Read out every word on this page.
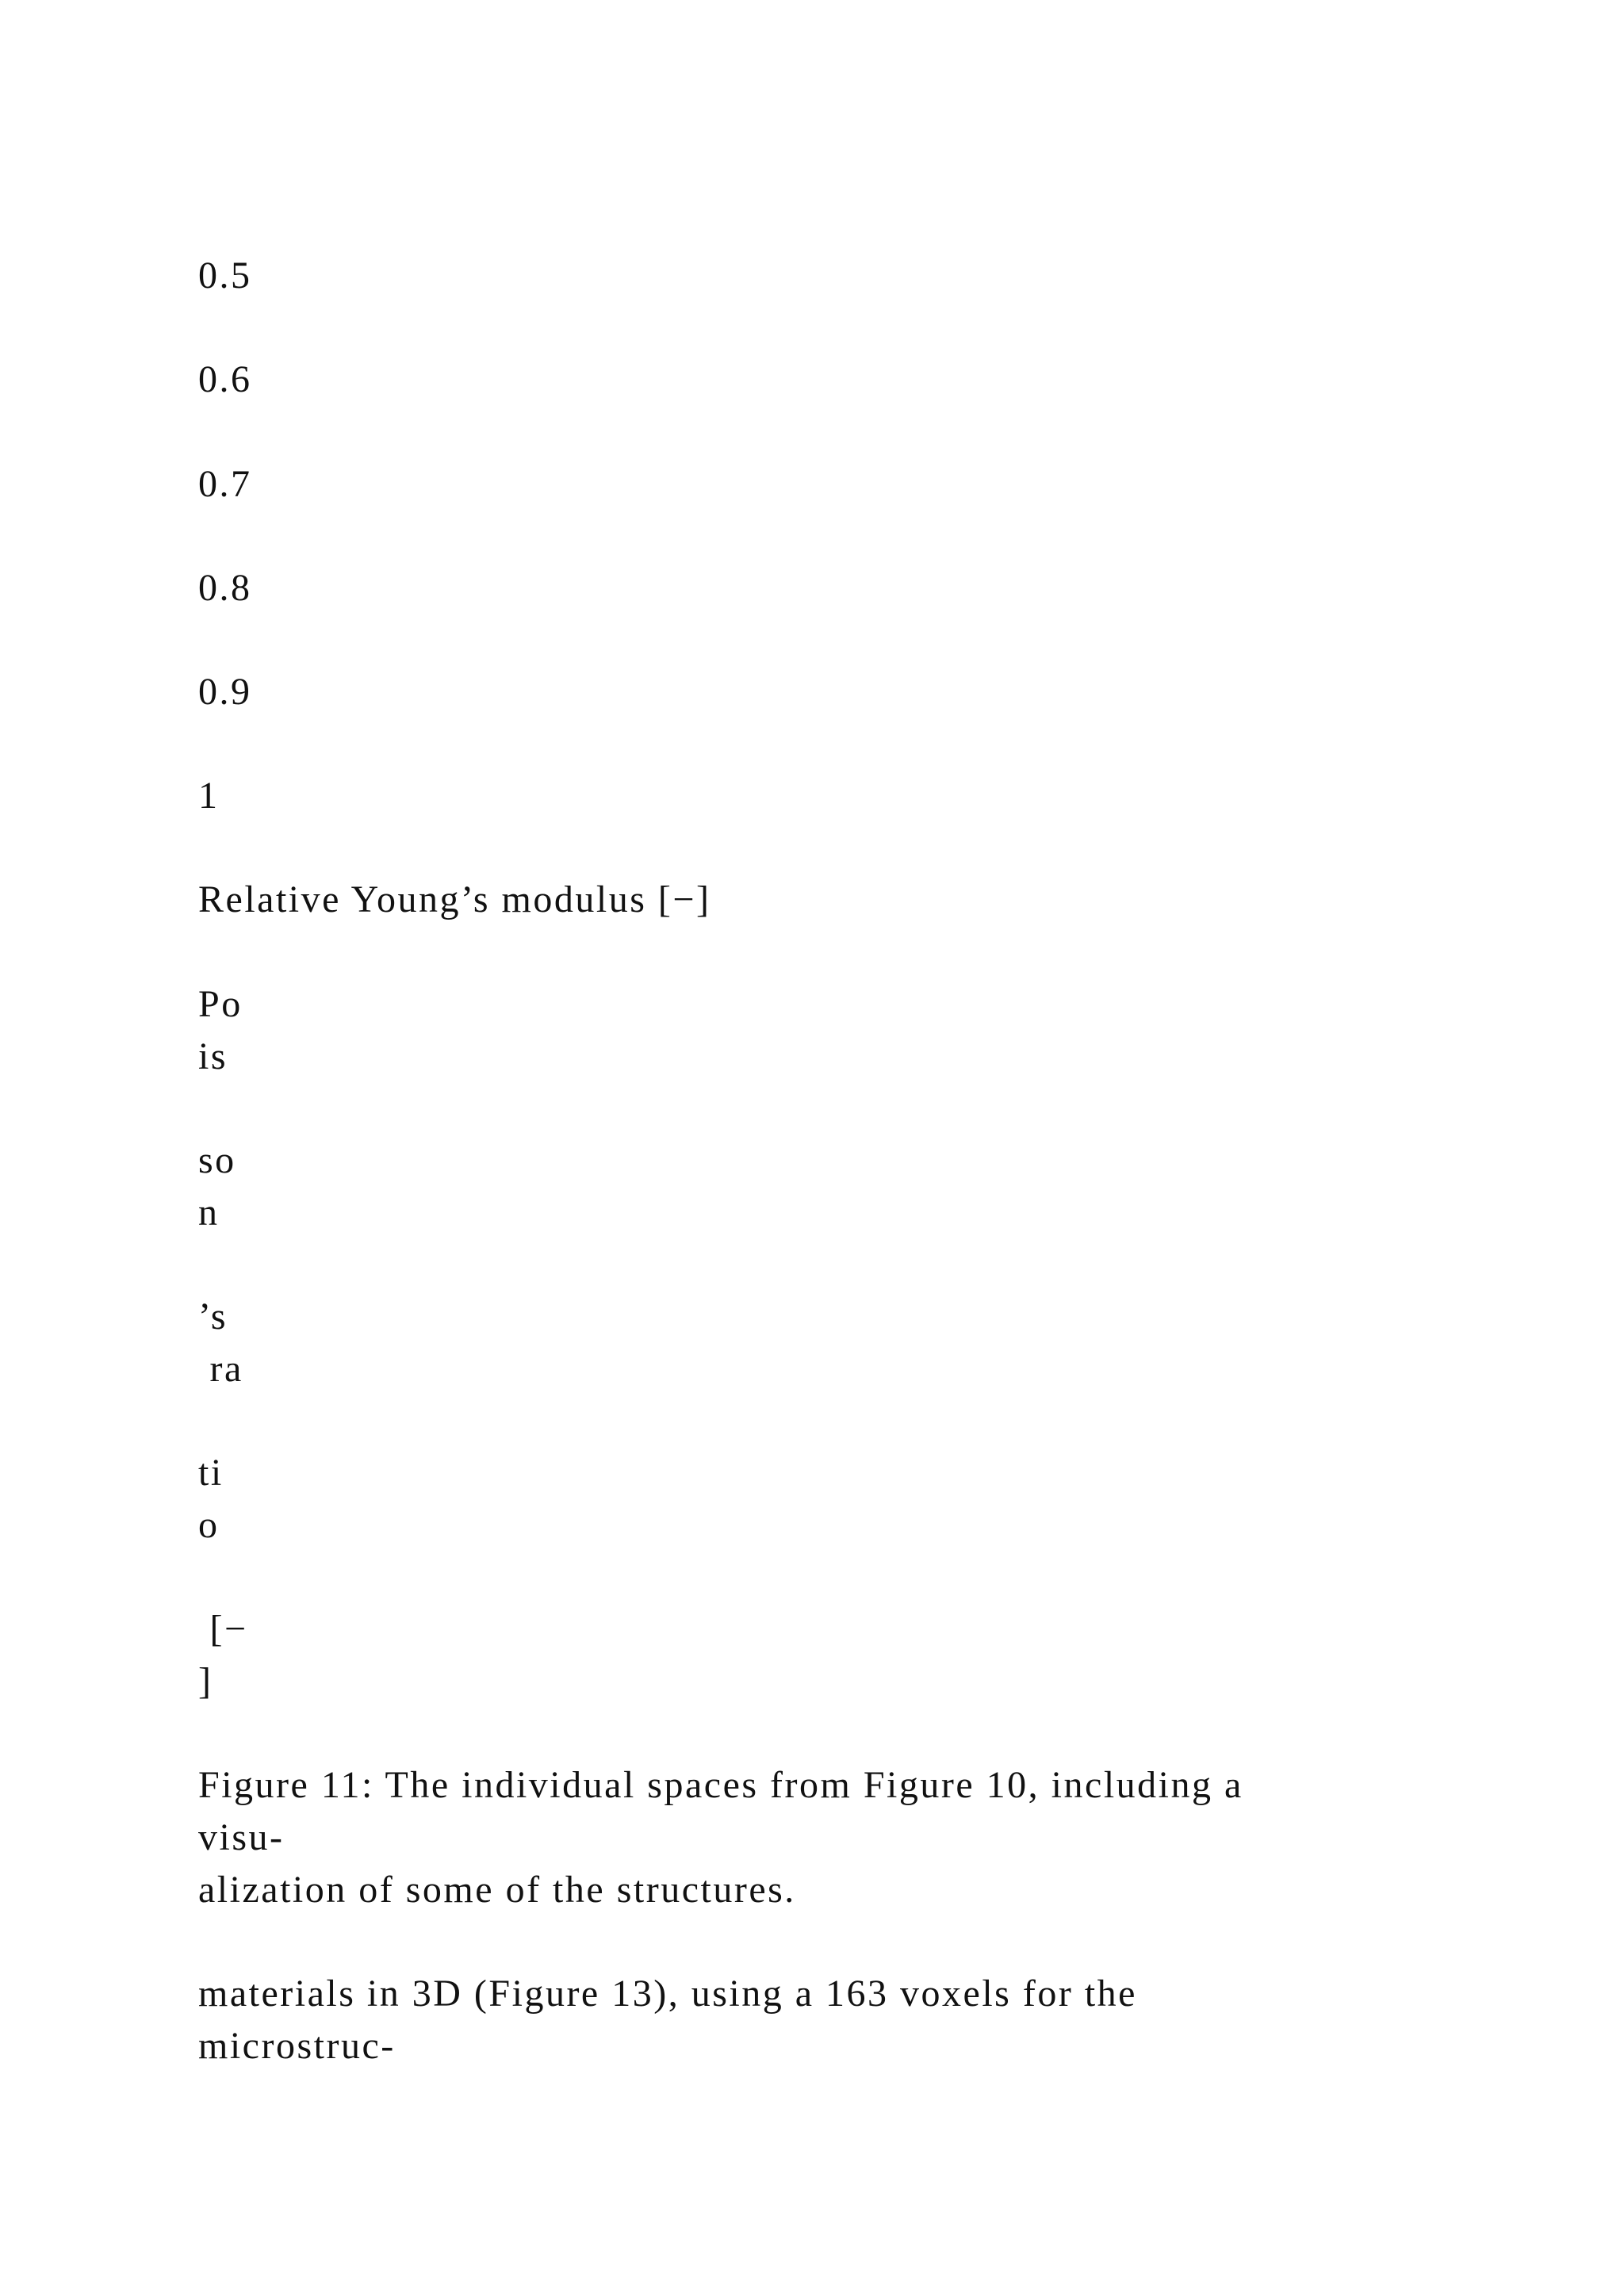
0.5

0.6

0.7

0.8

0.9

1

Relative Young’s modulus [−]

Po

is

so

n

’s

ra

ti

o

[−

]

Figure 11: The individual spaces from Figure 10, including a

visu-

alization of some of the structures.

materials in 3D (Figure 13), using a 163 voxels for the

microstruc-
